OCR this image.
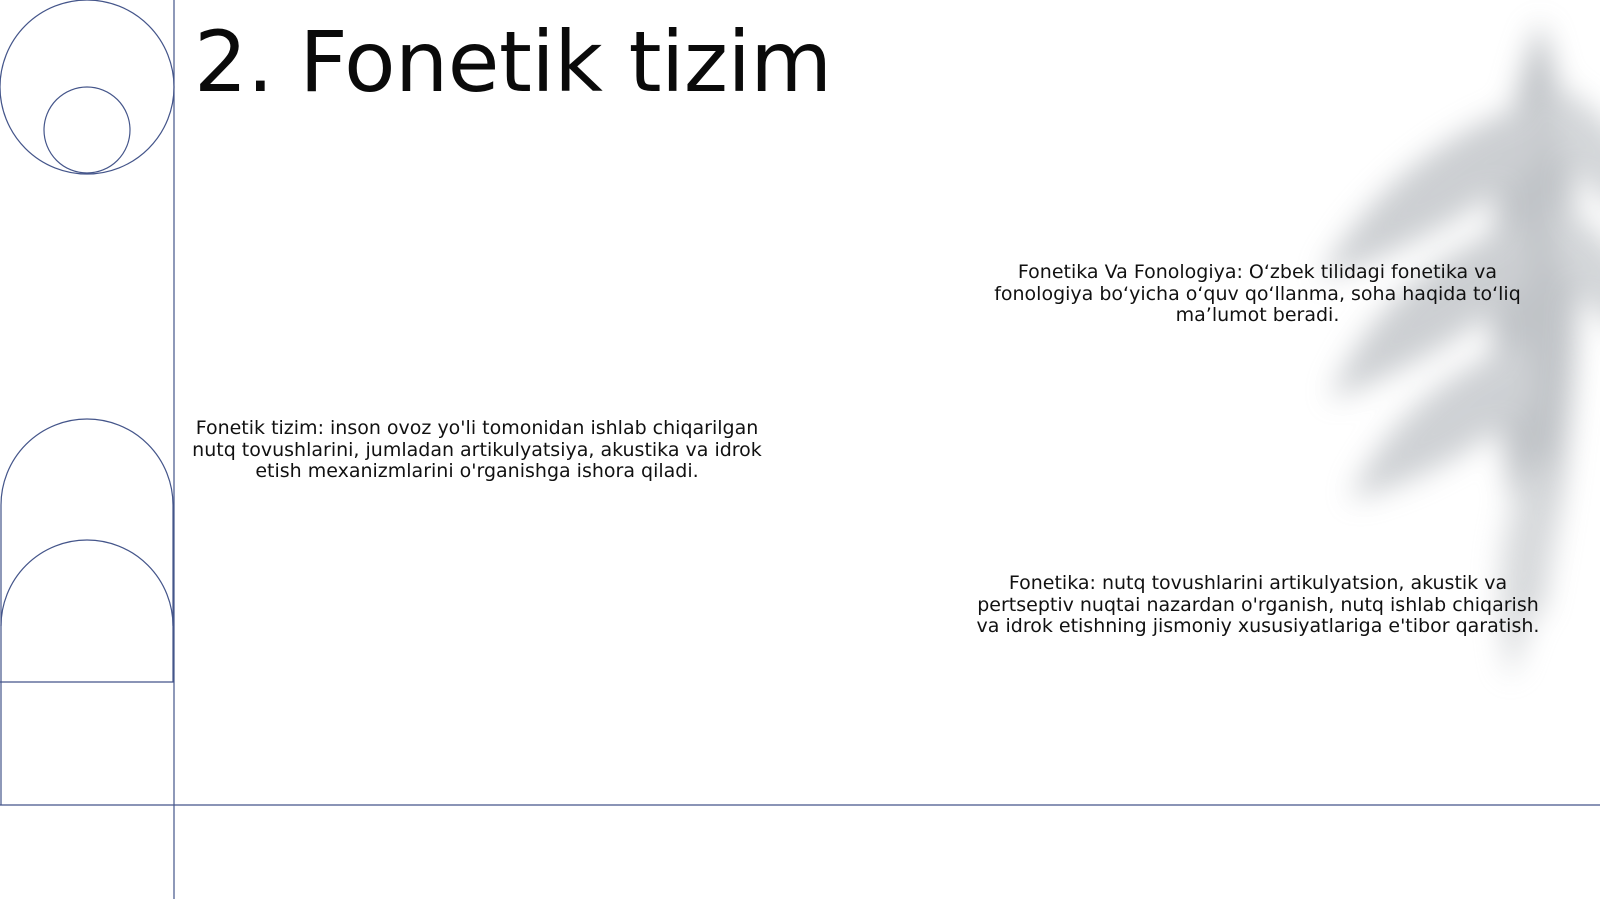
2. Fonetik tizim

Fonetika Va Fonologiya: O‘zbek tilidagi fonetika va fonologiya bo‘yicha o‘quv qo‘llanma, soha haqida to‘liq ma’lumot beradi.

Fonetik tizim: inson ovoz yo'li tomonidan ishlab chiqarilgan nutq tovushlarini, jumladan artikulyatsiya, akustika va idrok etish mexanizmlarini o'rganishga ishora qiladi.

Fonetika: nutq tovushlarini artikulyatsion, akustik va pertseptiv nuqtai nazardan o'rganish, nutq ishlab chiqarish va idrok etishning jismoniy xususiyatlariga e'tibor qaratish.
